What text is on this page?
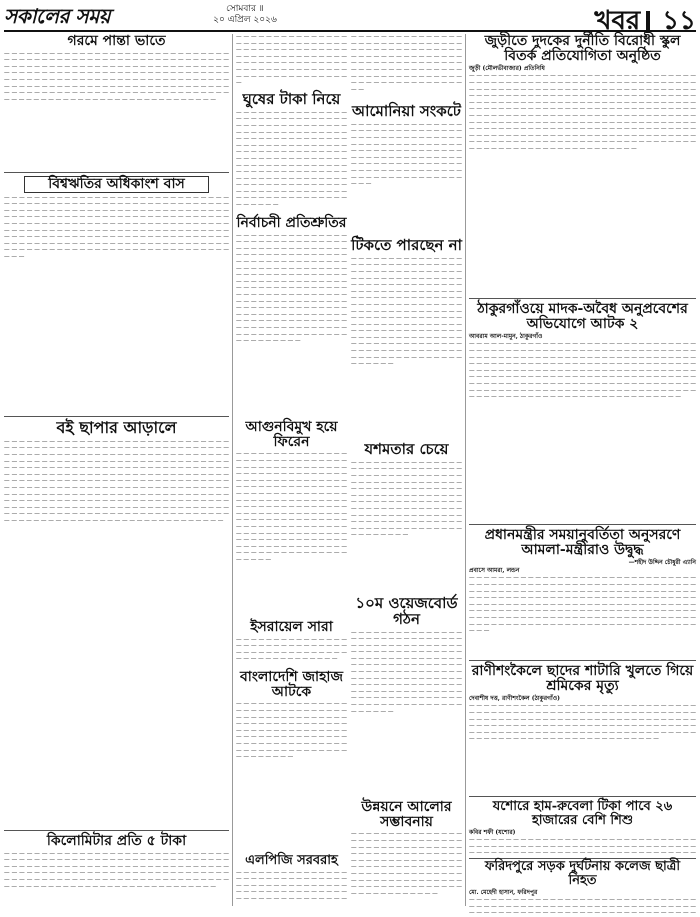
সকালের সময়	সোমবার ॥
২০ এপ্রিল ২০২৬	খবর ১১
গরমে পান্তা ভাতে

— — — — — — — — — — — — — — — — — — — — — — — — — — — — — — — — — — — — — — — — — — — — — — — — — — — — — — — — — — — — — — — — — — — — — — — — — — — — — — — — — — — — — — — — — — — — — — — — — — — — — — — — — — — — — — — — — — — — — — — — — — — — — — — — — — — — — — — — — — — — — — — — — — — — — — — — — — — — — — — — — — — — — — — — — — — — — — — — — — — — — — — — — — — — — — — — — — — — — — — — — — — — — — — — — — — — — — — — — — — — — — — — — — — — — — — — — — — — — — —

বিশ্বঋতির অধিকাংশ বাস

— — — — — — — — — — — — — — — — — — — — — — — — — — — — — — — — — — — — — — — — — — — — — — — — — — — — — — — — — — — — — — — — — — — — — — — — — — — — — — — — — — — — — — — — — — — — — — — — — — — — — — — — — — — — — — — — — — — — — — — — — — — — — — — — — — — — — — — — — — — — — — — — — — — — — — — — — — — — — — — — — — — — — — — — — — — — — — — — — — — — — — — — — — — — — — — — — — — — — — — — — — — — — — — — — — — — — — — — — — — — — — — — — — — — — — — — — — — — — — — — — — — — — — — — — — — — — — — — — — — — — — — — — — — — — — — — —

বই ছাপার আড়ালে

— — — — — — — — — — — — — — — — — — — — — — — — — — — — — — — — — — — — — — — — — — — — — — — — — — — — — — — — — — — — — — — — — — — — — — — — — — — — — — — — — — — — — — — — — — — — — — — — — — — — — — — — — — — — — — — — — — — — — — — — — — — — — — — — — — — — — — — — — — — — — — — — — — — — — — — — — — — — — — — — — — — — — — — — — — — — — — — — — — — — — — — — — — — — — — — — — — — — — — — — — — — — — — — — — — — — — — — — — — — — — — — — — — — — — — — — — — — — — — — — — — — — — — — — — — — — — — — — — — — — — — — — — — — — — — — — — — — — — — — — — — — — — — — — — — — — — — — — — — — — — — — — — — — — — — — — — — — — — — — — — — — — — — — — — — — — — — — — — — — — — — — — — — — — — — — — — — — — — — — — — — — — — — — — — — — — — — — — — — — — — — — — — — — — — —

কিলোমিটার প্রতি ৫ টাকা

— — — — — — — — — — — — — — — — — — — — — — — — — — — — — — — — — — — — — — — — — — — — — — — — — — — — — — — — — — — — — — — — — — — — — — — — — — — — — — — — — — — — — — — — — — — — — — — — — — — — — — — — — — — — — — — — — — — — — — — — — — — — — — — — — — — — — — — — — — — — — — — — — — — — — — — — — — — — — — — — — — — — — — — — — — — — — — — — — — —

— — — — — — — — — — — — — — — — — — — — — — — — — — — — — — — — — — — — — — — — — — — — — — — — — — — — — — — — — — — — — — — — — — — — — — — — — — — — — — — — — — — — — — — — — — — — — — — — — — — — — — — — — —

ঘুষের টাকা নিয়ে

— — — — — — — — — — — — — — — — — — — — — — — — — — — — — — — — — — — — — — — — — — — — — — — — — — — — — — — — — — — — — — — — — — — — — — — — — — — — — — — — — — — — — — — — — — — — — — — — — — — — — — — — — — — — — — — — — — — — — — — — — — — — — — — — — — — — — — — — — — — — — — — — — — — — — — — — — — — — — — — — — — — — — — — — — — — — — — — — — — — — — — — — — — — — — — — — — — — — — — — — — — — — — — — — — — — — — — — —

নির্বাচনী প্রতিশ্রুতির

— — — — — — — — — — — — — — — — — — — — — — — — — — — — — — — — — — — — — — — — — — — — — — — — — — — — — — — — — — — — — — — — — — — — — — — — — — — — — — — — — — — — — — — — — — — — — — — — — — — — — — — — — — — — — — — — — — — — — — — — — — — — — — — — — — — — — — — — — — — — — — — — — — — — — — — — — — — — — — — — — — — — — — — — — — — — — — — — — — — — — — — — — — — — — — — — — — — — — — — — — — — — — — — — — — — — — — — — — — — — — — — — — — — — — — — — — — — — — — — — — — — — — — — — —

আগুনবিমুখ হয়ে ফিরেন

— — — — — — — — — — — — — — — — — — — — — — — — — — — — — — — — — — — — — — — — — — — — — — — — — — — — — — — — — — — — — — — — — — — — — — — — — — — — — — — — — — — — — — — — — — — — — — — — — — — — — — — — — — — — — — — — — — — — — — — — — — — — — — — — — — — — — — — — — — — — — — — — — — — — — — — — — — — — — — — — — — — — — — — — — — — — — — — — — — — — — — — — — — — — — — — — — — — — — — — — — — — — — — — — — — — — — — — — — — — — — — — — — — — — — — — — — — — — — — — — — — — — —

ইসরায়েল সারা

— — — — — — — — — — — — — — — — — — — — — — — — — — — — — — — — — — — — — — — — — — — — — — — — — — — — — — — — — — —

বাংলাদেশি জাহাজ আটকে

— — — — — — — — — — — — — — — — — — — — — — — — — — — — — — — — — — — — — — — — — — — — — — — — — — — — — — — — — — — — — — — — — — — — — — — — — — — — — — — — — — — — — — — — — — — — — — — — — — — — — — — — — — — — — — — — — — — — — — — — — — — — — — — —

এলপিজি সরবরাহ

— — — — — — — — — — — — — — — — — — — — — — — — — — — — — — — — — — — — — — — — — — — — — — — — — — — — — — — — — — — — — — — — — — — — — — — — — — —

— — — — — — — — — — — — — — — — — — — — — — — — — — — — — — — — — — — — — — — — — — — — — — — — — — — — — — — — — — — — — — — — — — — — — — — — — — — — — — — — — — — — — — — — — — — — — — — — — — — — — — — — — — — — — — — — — — — — — — — — — —

আমোনিয়া সংকটে

— — — — — — — — — — — — — — — — — — — — — — — — — — — — — — — — — — — — — — — — — — — — — — — — — — — — — — — — — — — — — — — — — — — — — — — — — — — — — — — — — — — — — — — — — — — — — — — — — — — — — — — — — — — — — — — — — — — — — — — — — — — — — — — — — — — — — — — — — —

টিকতে পারছেন না

— — — — — — — — — — — — — — — — — — — — — — — — — — — — — — — — — — — — — — — — — — — — — — — — — — — — — — — — — — — — — — — — — — — — — — — — — — — — — — — — — — — — — — — — — — — — — — — — — — — — — — — — — — — — — — — — — — — — — — — — — — — — — — — — — — — — — — — — — — — — — — — — — — — — — — — — — — — — — — — — — — — — — — — — — — — — — — — — — — — — — — — — — — — — — — — — — — — — — — — — — — — — — — — — — — — — — — — — — — — — — — — — — — — — — — — — — — — — — — — — — — — — — —

যশমতার চেয়ে

— — — — — — — — — — — — — — — — — — — — — — — — — — — — — — — — — — — — — — — — — — — — — — — — — — — — — — — — — — — — — — — — — — — — — — — — — — — — — — — — — — — — — — — — — — — — — — — — — — — — — — — — — — — — — — — — — — — — — — — — — — — — — — — — — — — — — — — — — — — — — — — — — — — — — — — — — — — — — — — — — — — — — — — — — — — — —

১০ম ওয়েজবোর্ড গঠন

— — — — — — — — — — — — — — — — — — — — — — — — — — — — — — — — — — — — — — — — — — — — — — — — — — — — — — — — — — — — — — — — — — — — — — — — — — — — — — — — — — — — — — — — — — — — — — — — — — — — — — — — — — — — — — — — — — — — — — — — — — — — — — — — — — — — — — — — — — — — — — — — — — — — — — — — — — — — — — — — — — — — — — — — — — — — — — — — — — — — — — — — — —

উন্নয়নে আলোর সম্ভাবনায়

— — — — — — — — — — — — — — — — — — — — — — — — — — — — — — — — — — — — — — — — — — — — — — — — — — — — — — — — — — — — — — — — — — — — — — — — — — — — — — — — — — — — — — — — — — — — — — — — — — — — — — — — — — — — — — — — — — — — — — — — — — — — — — — — — — — — — — — — — — — — — — — — — — —

জুড়ীতে দুদকের দুর্নীতি বিরোধী স্কুল বিতর্ক প্রতিযোগিতা অনুষ্ঠিত
জুড়ী (মৌলভীবাজার) প্রতিনিধি

— — — — — — — — — — — — — — — — — — — — — — — — — — — — — — — — — — — — — — — — — — — — — — — — — — — — — — — — — — — — — — — — — — — — — — — — — — — — — — — — — — — — — — — — — — — — — — — — — — — — — — — — — — — — — — — — — — — — — — — — — — — — — — — — — — — — — — — — — — — — — — — — — — — — — — — — — — — — — — — — — — — — — — — — — — — — — — — — — — — — — — — — — — — — — — — — — — — — — — — — — — — — — — — — — — — — — — — — — — — — — — — — — — — — — — — — — — — — — — — — — — — — — — — — — — — — — — — — — — — — — — — — — — — — — — — — — — — — — — — — — — — — — — — — — — — — — — — — — — — — — — — — — — — — — — — — — — — — — — — — — — — — — — — — — — — — — — — — — — — — — — — — — — — — — — — — — — — — — — — — — — — —

ঠাকুরগাঁওয়ে মাদক-অবৈধ অনুপ্রবেশের অভিযোগে আটক ২
আবরাম আল-মামুন, ঠাকুরগাঁও

— — — — — — — — — — — — — — — — — — — — — — — — — — — — — — — — — — — — — — — — — — — — — — — — — — — — — — — — — — — — — — — — — — — — — — — — — — — — — — — — — — — — — — — — — — — — — — — — — — — — — — — — — — — — — — — — — — — — — — — — — — — — — — — — — — — — — — — — — — — — — — — — — — — — — — — — — — — — — — — — — — — — — — — — — — — — — — — — — — — — — — — — — — — — — — — — — — — — — — — — — — — — — — — — — — — — — — — — — — — — — — — — — — — — — — — — — — — — — — — — — — — — — — — — — — — — — — — — — — — — — — — — — — — — — — — — — — — — —

প্রধানমন্ত্রীর সময়ানুবর্তিতা অনুসরণে আমলা-মন্ত্রীরাও উদ্বুদ্ধ
—শহীদ উদ্দিন চৌধুরী এ্যানি
প্রবাসে আমরা, লন্ডন

— — — — — — — — — — — — — — — — — — — — — — — — — — — — — — — — — — — — — — — — — — — — — — — — — — — — — — — — — — — — — — — — — — — — — — — — — — — — — — — — — — — — — — — — — — — — — — — — — — — — — — — — — — — — — — — — — — — — — — — — — — — — — — — — — — — — — — — — — — — — — — — — — — — — — — — — — — — — — — — — — — — — — — — — — — — — — — — — — — — — — — — — — — — — — — — — — — — — — — — — — — — — — — — — — — — — — — — — — — — — — — — — — — — — — — — — — — — — — — — — — — — — — — — — — — —

রাণীশংকৈলে ছাদের শাটারি খুলতে গিয়ে শ্রমিকের মৃত্যু
দেবাশীষ দত্ত, রাণীশংকৈল (ঠাকুরগাঁও)

— — — — — — — — — — — — — — — — — — — — — — — — — — — — — — — — — — — — — — — — — — — — — — — — — — — — — — — — — — — — — — — — — — — — — — — — — — — — — — — — — — — — — — — — — — — — — — — — — — — — — — — — — — — — — — — — — — — — — — — — — — — — — — — — — — — — — — — — — — — — — — — — — — — — — — — — — — — — — — — — — — — — — — — — — — — — — — — — — — — — —

যশোরে হাম-রুবেলা টিকা পাবে ২৬ হাজারের বেশি শিশু
কবির শফী (যশোর)

— — — — — — — — — — — — — — — — — — — — — — — — — — — — — — — — — — — — — — — — — — — — — — — — — — — — — — — — — — — — — — — — — — — — — — — — — — — — — — — — — — — — — — — — — — — — —

ফরিদপুরে সড়ক দুর্ঘটনায় কলেজ ছাত্রী নিহত
মো. মেহেদী হাসান, ফরিদপুর

— — — — — — — — — — — — — — — — — — — — — — — — — — — — — — — — — — — — — — — — — — — — — — — — — — — — — — — — — — — — — —
